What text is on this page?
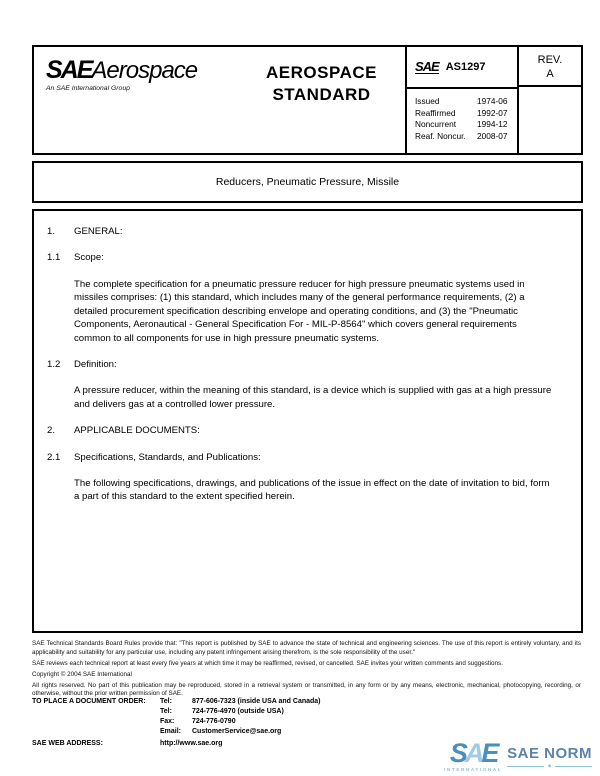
SAEAerospace
An SAE International Group
AEROSPACE
STANDARD
SAE AS1297
Issued	1974-06
Reaffirmed	1992-07
Noncurrent	1994-12
Reaf. Noncur.	2008-07
REV.
A
Reducers, Pneumatic Pressure, Missile
1.	GENERAL:
1.1	Scope:

The complete specification for a pneumatic pressure reducer for high pressure pneumatic systems used in missiles comprises: (1) this standard, which includes many of the general performance requirements, (2) a detailed procurement specification describing envelope and operating conditions, and (3) the "Pneumatic Components, Aeronautical - General Specification For - MIL-P-8564" which covers general requirements common to all components for use in high pressure pneumatic systems.

1.2	Definition:

A pressure reducer, within the meaning of this standard, is a device which is supplied with gas at a high pressure and delivers gas at a controlled lower pressure.

2.	APPLICABLE DOCUMENTS:
2.1	Specifications, Standards, and Publications:

The following specifications, drawings, and publications of the issue in effect on the date of invitation to bid, form a part of this standard to the extent specified herein.

SAE Technical Standards Board Rules provide that: "This report is published by SAE to advance the state of technical and engineering sciences. The use of this report is entirely voluntary, and its applicability and suitability for any particular use, including any patent infringement arising therefrom, is the sole responsibility of the user."

SAE reviews each technical report at least every five years at which time it may be reaffirmed, revised, or cancelled. SAE invites your written comments and suggestions.

Copyright © 2004 SAE International

All rights reserved. No part of this publication may be reproduced, stored in a retrieval system or transmitted, in any form or by any means, electronic, mechanical, photocopying, recording, or otherwise, without the prior written permission of SAE.

TO PLACE A DOCUMENT ORDER:	Tel:	877-606-7323 (inside USA and Canada)
Tel:	724-776-4970 (outside USA)
Fax:	724-776-0790
Email:	CustomerService@sae.org
SAE WEB ADDRESS:	http://www.sae.org	SAE
INTERNATIONAL
SAE NORM
◆
